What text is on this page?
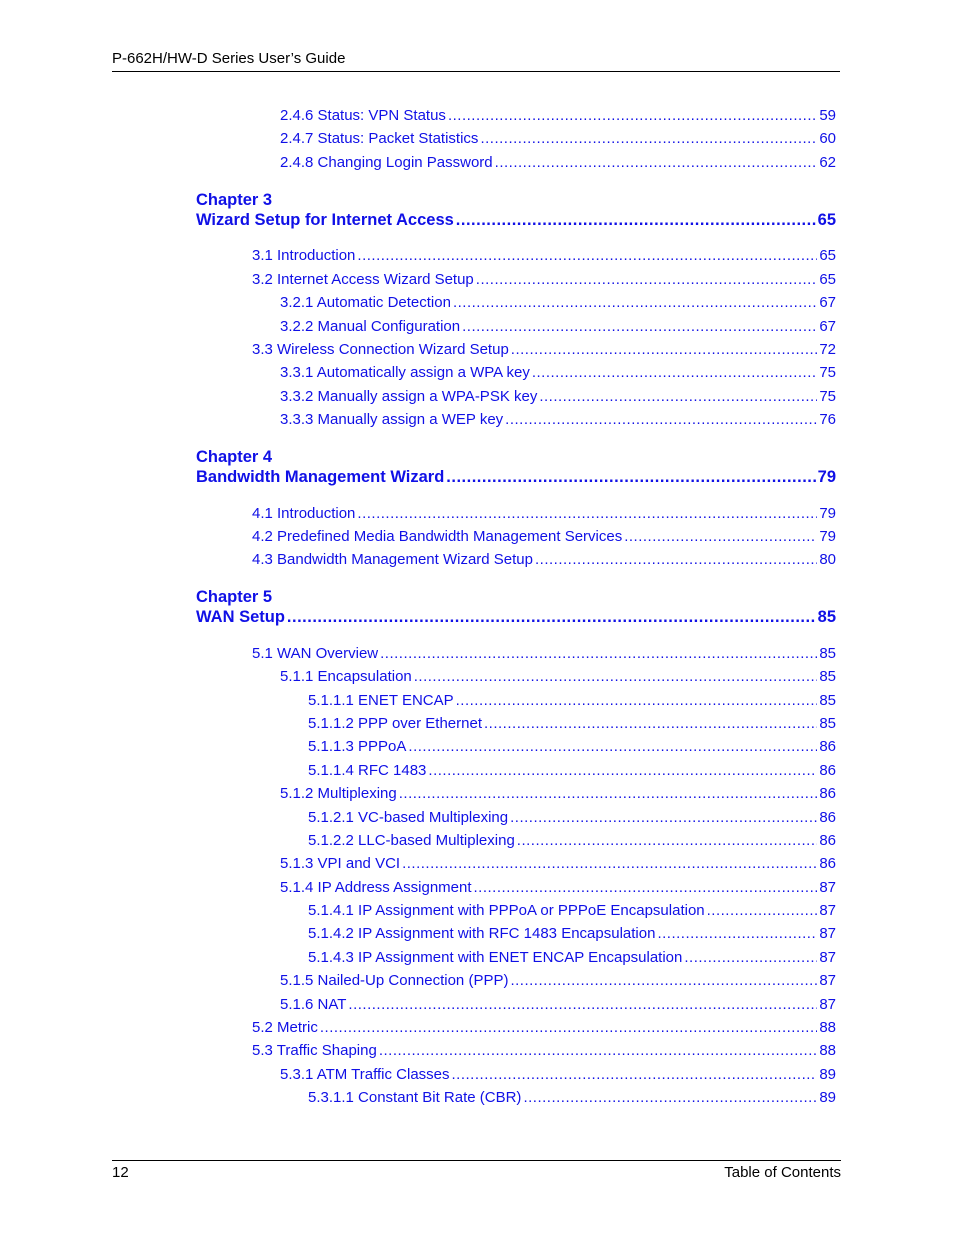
P-662H/HW-D Series User’s Guide
2.4.6 Status: VPN Status .....	59
2.4.7 Status: Packet Statistics .....	60
2.4.8 Changing Login Password .....	62
Chapter 3
Wizard Setup for Internet Access .....	65
3.1 Introduction .....	65
3.2 Internet Access Wizard Setup .....	65
3.2.1 Automatic Detection .....	67
3.2.2 Manual Configuration .....	67
3.3 Wireless Connection Wizard Setup .....	72
3.3.1 Automatically assign a WPA key .....	75
3.3.2 Manually assign a WPA-PSK key .....	75
3.3.3 Manually assign a WEP key .....	76
Chapter 4
Bandwidth Management Wizard .....	79
4.1 Introduction .....	79
4.2 Predefined Media Bandwidth Management Services .....	79
4.3 Bandwidth Management Wizard Setup .....	80
Chapter 5
WAN Setup .....	85
5.1 WAN Overview .....	85
5.1.1 Encapsulation .....	85
5.1.1.1 ENET ENCAP .....	85
5.1.1.2 PPP over Ethernet .....	85
5.1.1.3 PPPoA .....	86
5.1.1.4 RFC 1483 .....	86
5.1.2 Multiplexing .....	86
5.1.2.1 VC-based Multiplexing .....	86
5.1.2.2 LLC-based Multiplexing .....	86
5.1.3 VPI and VCI .....	86
5.1.4 IP Address Assignment .....	87
5.1.4.1 IP Assignment with PPPoA or PPPoE Encapsulation .....	87
5.1.4.2 IP Assignment with RFC 1483 Encapsulation .....	87
5.1.4.3 IP Assignment with ENET ENCAP Encapsulation .....	87
5.1.5 Nailed-Up Connection (PPP) .....	87
5.1.6 NAT .....	87
5.2 Metric .....	88
5.3 Traffic Shaping .....	88
5.3.1 ATM Traffic Classes .....	89
5.3.1.1 Constant Bit Rate (CBR) .....	89
12	Table of Contents
